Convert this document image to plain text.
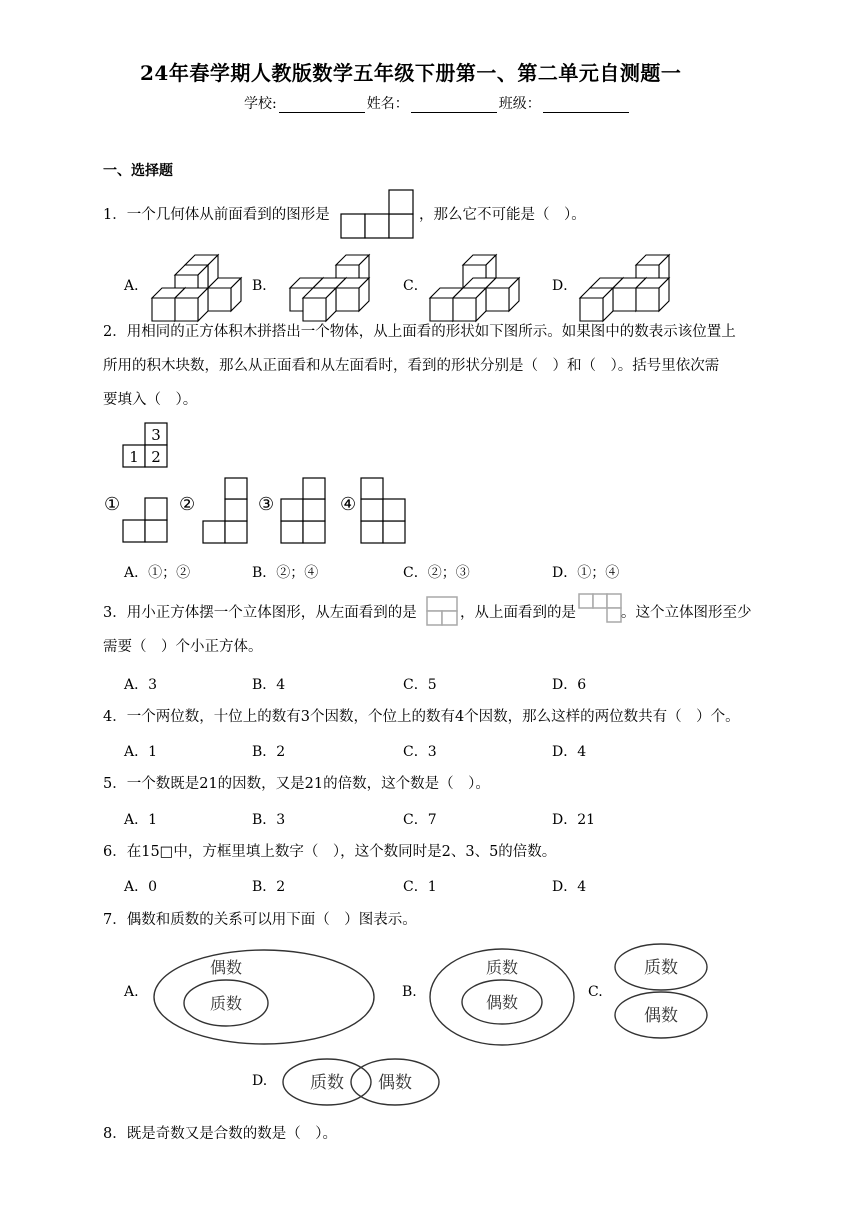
24年春学期人教版数学五年级下册第一、第二单元自测题一
学校:	姓名：	班级：
一、选择题
1．一个几何体从前面看到的图形是	，那么它不可能是（　）。
A．	B．	C．	D．
2．用相同的正方体积木拼搭出一个物体，从上面看的形状如下图所示。如果图中的数表示该位置上
所用的积木块数，那么从正面看和从左面看时，看到的形状分别是（　）和（　）。括号里依次需
要填入（　）。
3
1 2
①	②	③	④
A．①；②	B．②；④	C．②；③	D．①；④
3．用小正方体摆一个立体图形，从左面看到的是	，从上面看到的是	。这个立体图形至少
需要（　）个小正方体。
A．3	B．4	C．5	D．6
4．一个两位数，十位上的数有3个因数，个位上的数有4个因数，那么这样的两位数共有（　）个。
A．1	B．2	C．3	D．4
5．一个数既是21的因数，又是21的倍数，这个数是（　）。
A．1	B．3	C．7	D．21
6．在15□中，方框里填上数字（　），这个数同时是2、3、5的倍数。
A．0	B．2	C．1	D．4
7．偶数和质数的关系可以用下面（　）图表示。
A.
偶数
质数
B.
质数
偶数
C.
质数
偶数
D.	质数 偶数
8．既是奇数又是合数的数是（　）。
